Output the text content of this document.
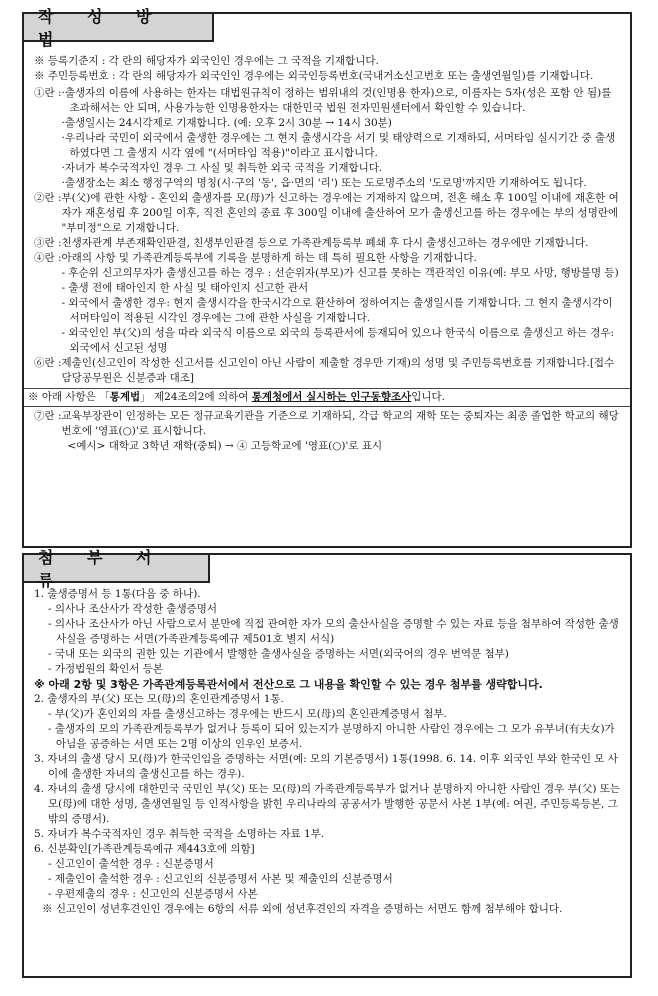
작 성 방 법
※ 등록기준지 : 각 란의 해당자가 외국인인 경우에는 그 국적을 기재합니다.
※ 주민등록번호 : 각 란의 해당자가 외국인인 경우에는 외국인등록번호(국내거소신고번호 또는 출생연월일)를 기재합니다.
①란 : ·출생자의 이름에 사용하는 한자는 대법원규칙이 정하는 범위내의 것(인명용 한자)으로, 이름자는 5자(성은 포함 안 됨)를 초과해서는 안 되며, 사용가능한 인명용한자는 대한민국 법원 전자민원센터에서 확인할 수 있습니다.
·출생일시는 24시각제로 기재합니다. (예: 오후 2시 30분 → 14시 30분)
·우리나라 국민이 외국에서 출생한 경우에는 그 현지 출생시각을 서기 및 태양력으로 기재하되, 서머타임 실시기간 중 출생하였다면 그 출생지 시각 옆에 "(서머타임 적용)"이라고 표시합니다.
·자녀가 복수국적자인 경우 그 사실 및 취득한 외국 국적을 기재합니다.
·출생장소는 최소 행정구역의 명칭(시·구의 '동', 읍·면의 '리') 또는 도로명주소의 '도로명'까지만 기재하여도 됩니다.
②란 : 부(父)에 관한 사항 - 혼인외 출생자를 모(母)가 신고하는 경우에는 기재하지 않으며, 전혼 해소 후 100일 이내에 재혼한 여자가 재혼성립 후 200일 이후, 직전 혼인의 종료 후 300일 이내에 출산하여 모가 출생신고를 하는 경우에는 부의 성명란에 "부미정"으로 기재합니다.
③란 : 친생자관계 부존재확인판결, 친생부인판결 등으로 가족관계등록부 폐쇄 후 다시 출생신고하는 경우에만 기재합니다.
④란 : 아래의 사항 및 가족관계등록부에 기록을 분명하게 하는 데 특히 필요한 사항을 기재합니다.
- 후순위 신고의무자가 출생신고를 하는 경우 : 선순위자(부모)가 신고를 못하는 객관적인 이유(예: 부모 사망, 행방불명 등)
- 출생 전에 태아인지 한 사실 및 태아인지 신고한 관서
- 외국에서 출생한 경우: 현지 출생시각을 한국시각으로 환산하여 정하여지는 출생일시를 기재합니다. 그 현지 출생시각이 서머타임이 적용된 시각인 경우에는 그에 관한 사실을 기재합니다.
- 외국인인 부(父)의 성을 따라 외국식 이름으로 외국의 등록관서에 등재되어 있으나 한국식 이름으로 출생신고 하는 경우: 외국에서 신고된 성명
⑥란 : 제출인(신고인이 작성한 신고서를 신고인이 아닌 사람이 제출할 경우만 기재)의 성명 및 주민등록번호를 기재합니다.[접수담당공무원은 신분증과 대조]
※ 아래 사항은 「통계법」 제24조의2에 의하여 통계청에서 실시하는 인구동향조사입니다.
⑦란 : 교육부장관이 인정하는 모든 정규교육기관을 기준으로 기재하되, 각급 학교의 재학 또는 중퇴자는 최종 졸업한 학교의 해당번호에 '영표(○)'로 표시합니다.
<예시> 대학교 3학년 재학(중퇴) → ④ 고등학교에 '영표(○)'로 표시
첨 부 서 류
1. 출생증명서 등 1통(다음 중 하나).
- 의사나 조산사가 작성한 출생증명서
- 의사나 조산사가 아닌 사람으로서 분만에 직접 관여한 자가 모의 출산사실을 증명할 수 있는 자료 등을 첨부하여 작성한 출생사실을 증명하는 서면(가족관계등록예규 제501호 별지 서식)
- 국내 또는 외국의 권한 있는 기관에서 발행한 출생사실을 증명하는 서면(외국어의 경우 번역문 첨부)
- 가정법원의 확인서 등본
※ 아래 2항 및 3항은 가족관계등록관서에서 전산으로 그 내용을 확인할 수 있는 경우 첨부를 생략합니다.
2. 출생자의 부(父) 또는 모(母)의 혼인관계증명서 1통.
- 부(父)가 혼인외의 자를 출생신고하는 경우에는 반드시 모(母)의 혼인관계증명서 첨부.
- 출생자의 모의 가족관계등록부가 없거나 등록이 되어 있는지가 분명하지 아니한 사람인 경우에는 그 모가 유부녀(有夫女)가 아님을 공증하는 서면 또는 2명 이상의 인우인 보증서.
3. 자녀의 출생 당시 모(母)가 한국인임을 증명하는 서면(예: 모의 기본증명서) 1통(1998. 6. 14. 이후 외국인 부와 한국인 모 사이에 출생한 자녀의 출생신고를 하는 경우).
4. 자녀의 출생 당시에 대한민국 국민인 부(父) 또는 모(母)의 가족관계등록부가 없거나 분명하지 아니한 사람인 경우 부(父) 또는 모(母)에 대한 성명, 출생연월일 등 인적사항을 밝힌 우리나라의 공공서가 발행한 공문서 사본 1부(예: 여권, 주민등록등본, 그 밖의 증명서).
5. 자녀가 복수국적자인 경우 취득한 국적을 소명하는 자료 1부.
6. 신분확인[가족관계등록예규 제443호에 의함]
- 신고인이 출석한 경우 : 신분증명서
- 제출인이 출석한 경우 : 신고인의 신분증명서 사본 및 제출인의 신분증명서
- 우편제출의 경우 : 신고인의 신분증명서 사본
※ 신고인이 성년후견인인 경우에는 6항의 서류 외에 성년후견인의 자격을 증명하는 서면도 함께 첨부해야 합니다.
